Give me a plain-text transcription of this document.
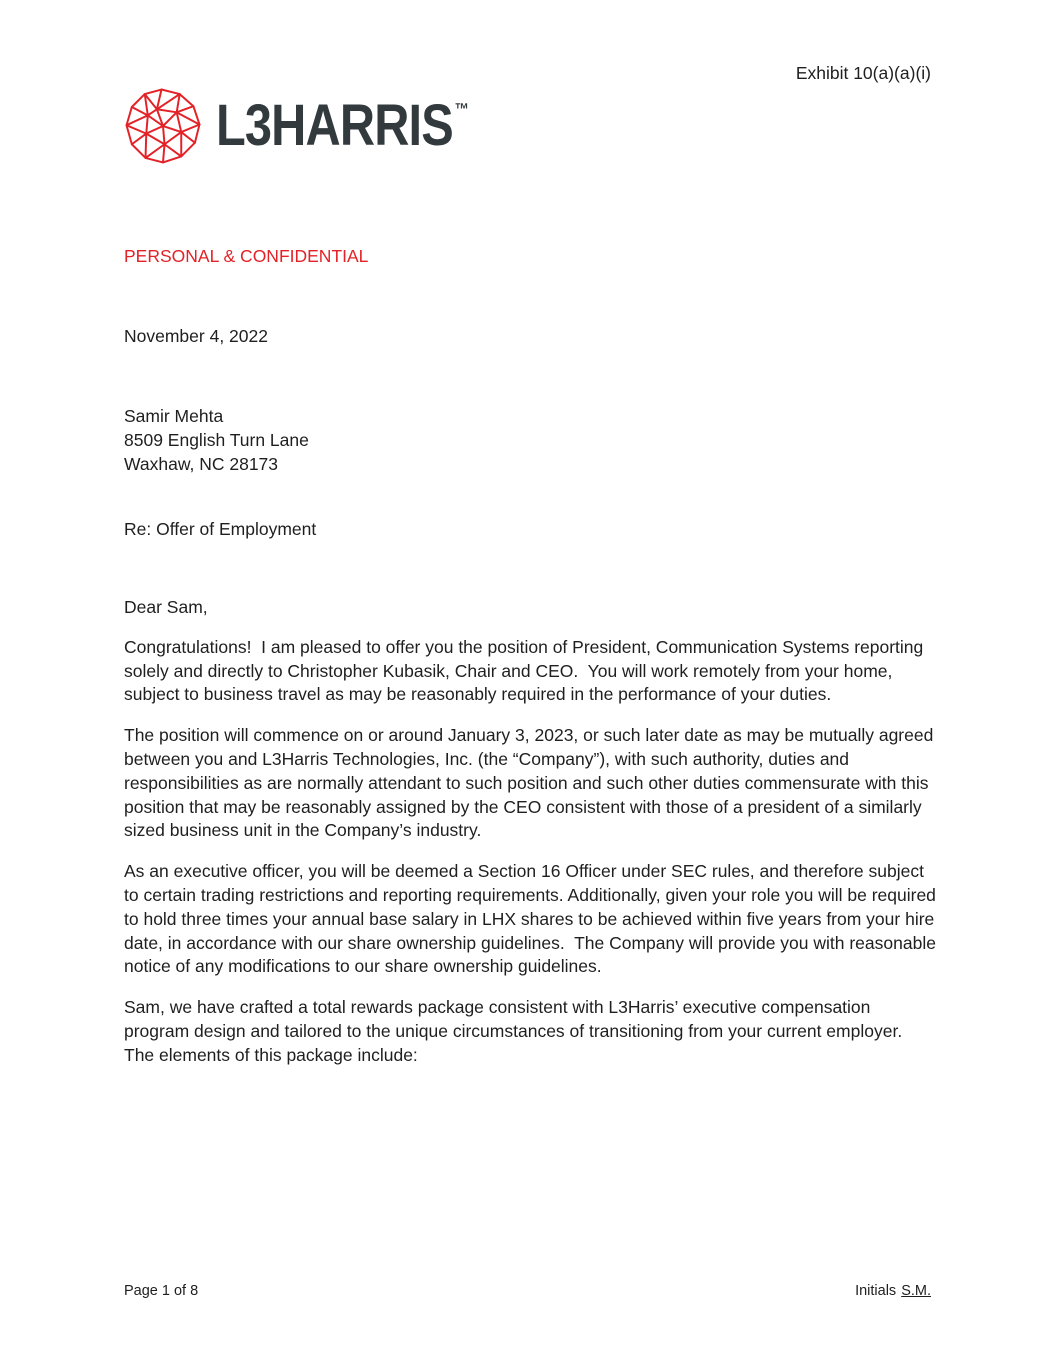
Exhibit 10(a)(a)(i)
L3HARRIS™
PERSONAL & CONFIDENTIAL
November 4, 2022
Samir Mehta
8509 English Turn Lane
Waxhaw, NC 28173
Re: Offer of Employment
Dear Sam,
Congratulations!  I am pleased to offer you the position of President, Communication Systems reporting solely and directly to Christopher Kubasik, Chair and CEO.  You will work remotely from your home, subject to business travel as may be reasonably required in the performance of your duties.
The position will commence on or around January 3, 2023, or such later date as may be mutually agreed between you and L3Harris Technologies, Inc. (the “Company”), with such authority, duties and responsibilities as are normally attendant to such position and such other duties commensurate with this position that may be reasonably assigned by the CEO consistent with those of a president of a similarly sized business unit in the Company’s industry.
As an executive officer, you will be deemed a Section 16 Officer under SEC rules, and therefore subject to certain trading restrictions and reporting requirements. Additionally, given your role you will be required to hold three times your annual base salary in LHX shares to be achieved within five years from your hire date, in accordance with our share ownership guidelines.  The Company will provide you with reasonable notice of any modifications to our share ownership guidelines.
Sam, we have crafted a total rewards package consistent with L3Harris’ executive compensation program design and tailored to the unique circumstances of transitioning from your current employer.  The elements of this package include:
Page 1 of 8	Initials S.M.
